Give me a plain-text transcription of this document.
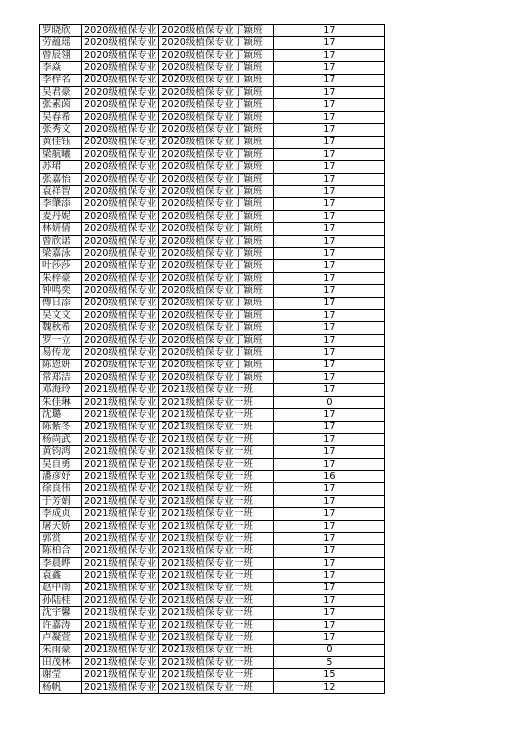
罗晓欣	2020级植保专业	2020级植保专业丁颖班	17
劳蕴瑶	2020级植保专业	2020级植保专业丁颖班	17
曾辰翎	2020级植保专业	2020级植保专业丁颖班	17
李焱	2020级植保专业	2020级植保专业丁颖班	17
李梓名	2020级植保专业	2020级植保专业丁颖班	17
吴君豪	2020级植保专业	2020级植保专业丁颖班	17
张素茵	2020级植保专业	2020级植保专业丁颖班	17
吴春希	2020级植保专业	2020级植保专业丁颖班	17
张秀文	2020级植保专业	2020级植保专业丁颖班	17
黄佳钰	2020级植保专业	2020级植保专业丁颖班	17
梁航曦	2020级植保专业	2020级植保专业丁颖班	17
苏珺	2020级植保专业	2020级植保专业丁颖班	17
张嘉怡	2020级植保专业	2020级植保专业丁颖班	17
袁祥智	2020级植保专业	2020级植保专业丁颖班	17
李肇添	2020级植保专业	2020级植保专业丁颖班	17
麦丹妮	2020级植保专业	2020级植保专业丁颖班	17
林妍倩	2020级植保专业	2020级植保专业丁颖班	17
曾欣诺	2020级植保专业	2020级植保专业丁颖班	17
梁嘉泳	2020级植保专业	2020级植保专业丁颖班	17
叶莎莎	2020级植保专业	2020级植保专业丁颖班	17
朱梓豪	2020级植保专业	2020级植保专业丁颖班	17
钟鸣奕	2020级植保专业	2020级植保专业丁颖班	17
傅日添	2020级植保专业	2020级植保专业丁颖班	17
吴文文	2020级植保专业	2020级植保专业丁颖班	17
魏秋希	2020级植保专业	2020级植保专业丁颖班	17
罗一立	2020级植保专业	2020级植保专业丁颖班	17
易传龙	2020级植保专业	2020级植保专业丁颖班	17
陈恩妍	2020级植保专业	2020级植保专业丁颖班	17
常郑洁	2020级植保专业	2020级植保专业丁颖班	17
邓海玲	2021级植保专业	2021级植保专业一班	17
朱佳琳	2021级植保专业	2021级植保专业一班	0
沈璐	2021级植保专业	2021级植保专业一班	17
陈紫冬	2021级植保专业	2021级植保专业一班	17
杨尚武	2021级植保专业	2021级植保专业一班	17
黄钧鸿	2021级植保专业	2021级植保专业一班	17
吴自勇	2021级植保专业	2021级植保专业一班	17
潘彦妤	2021级植保专业	2021级植保专业一班	16
徐良伟	2021级植保专业	2021级植保专业一班	17
于芳娟	2021级植保专业	2021级植保专业一班	17
李成贞	2021级植保专业	2021级植保专业一班	17
屠天娇	2021级植保专业	2021级植保专业一班	17
郭赏	2021级植保专业	2021级植保专业一班	17
陈柏合	2021级植保专业	2021级植保专业一班	17
李晨晔	2021级植保专业	2021级植保专业一班	17
袁鑫	2021级植保专业	2021级植保专业一班	17
赵中南	2021级植保专业	2021级植保专业一班	17
孙陆桂	2021级植保专业	2021级植保专业一班	17
沈宇馨	2021级植保专业	2021级植保专业一班	17
许嘉涛	2021级植保专业	2021级植保专业一班	17
卢凝萱	2021级植保专业	2021级植保专业一班	17
朱雨豪	2021级植保专业	2021级植保专业一班	0
田茂林	2021级植保专业	2021级植保专业一班	5
谢莹	2021级植保专业	2021级植保专业一班	15
杨帆	2021级植保专业	2021级植保专业一班	12
